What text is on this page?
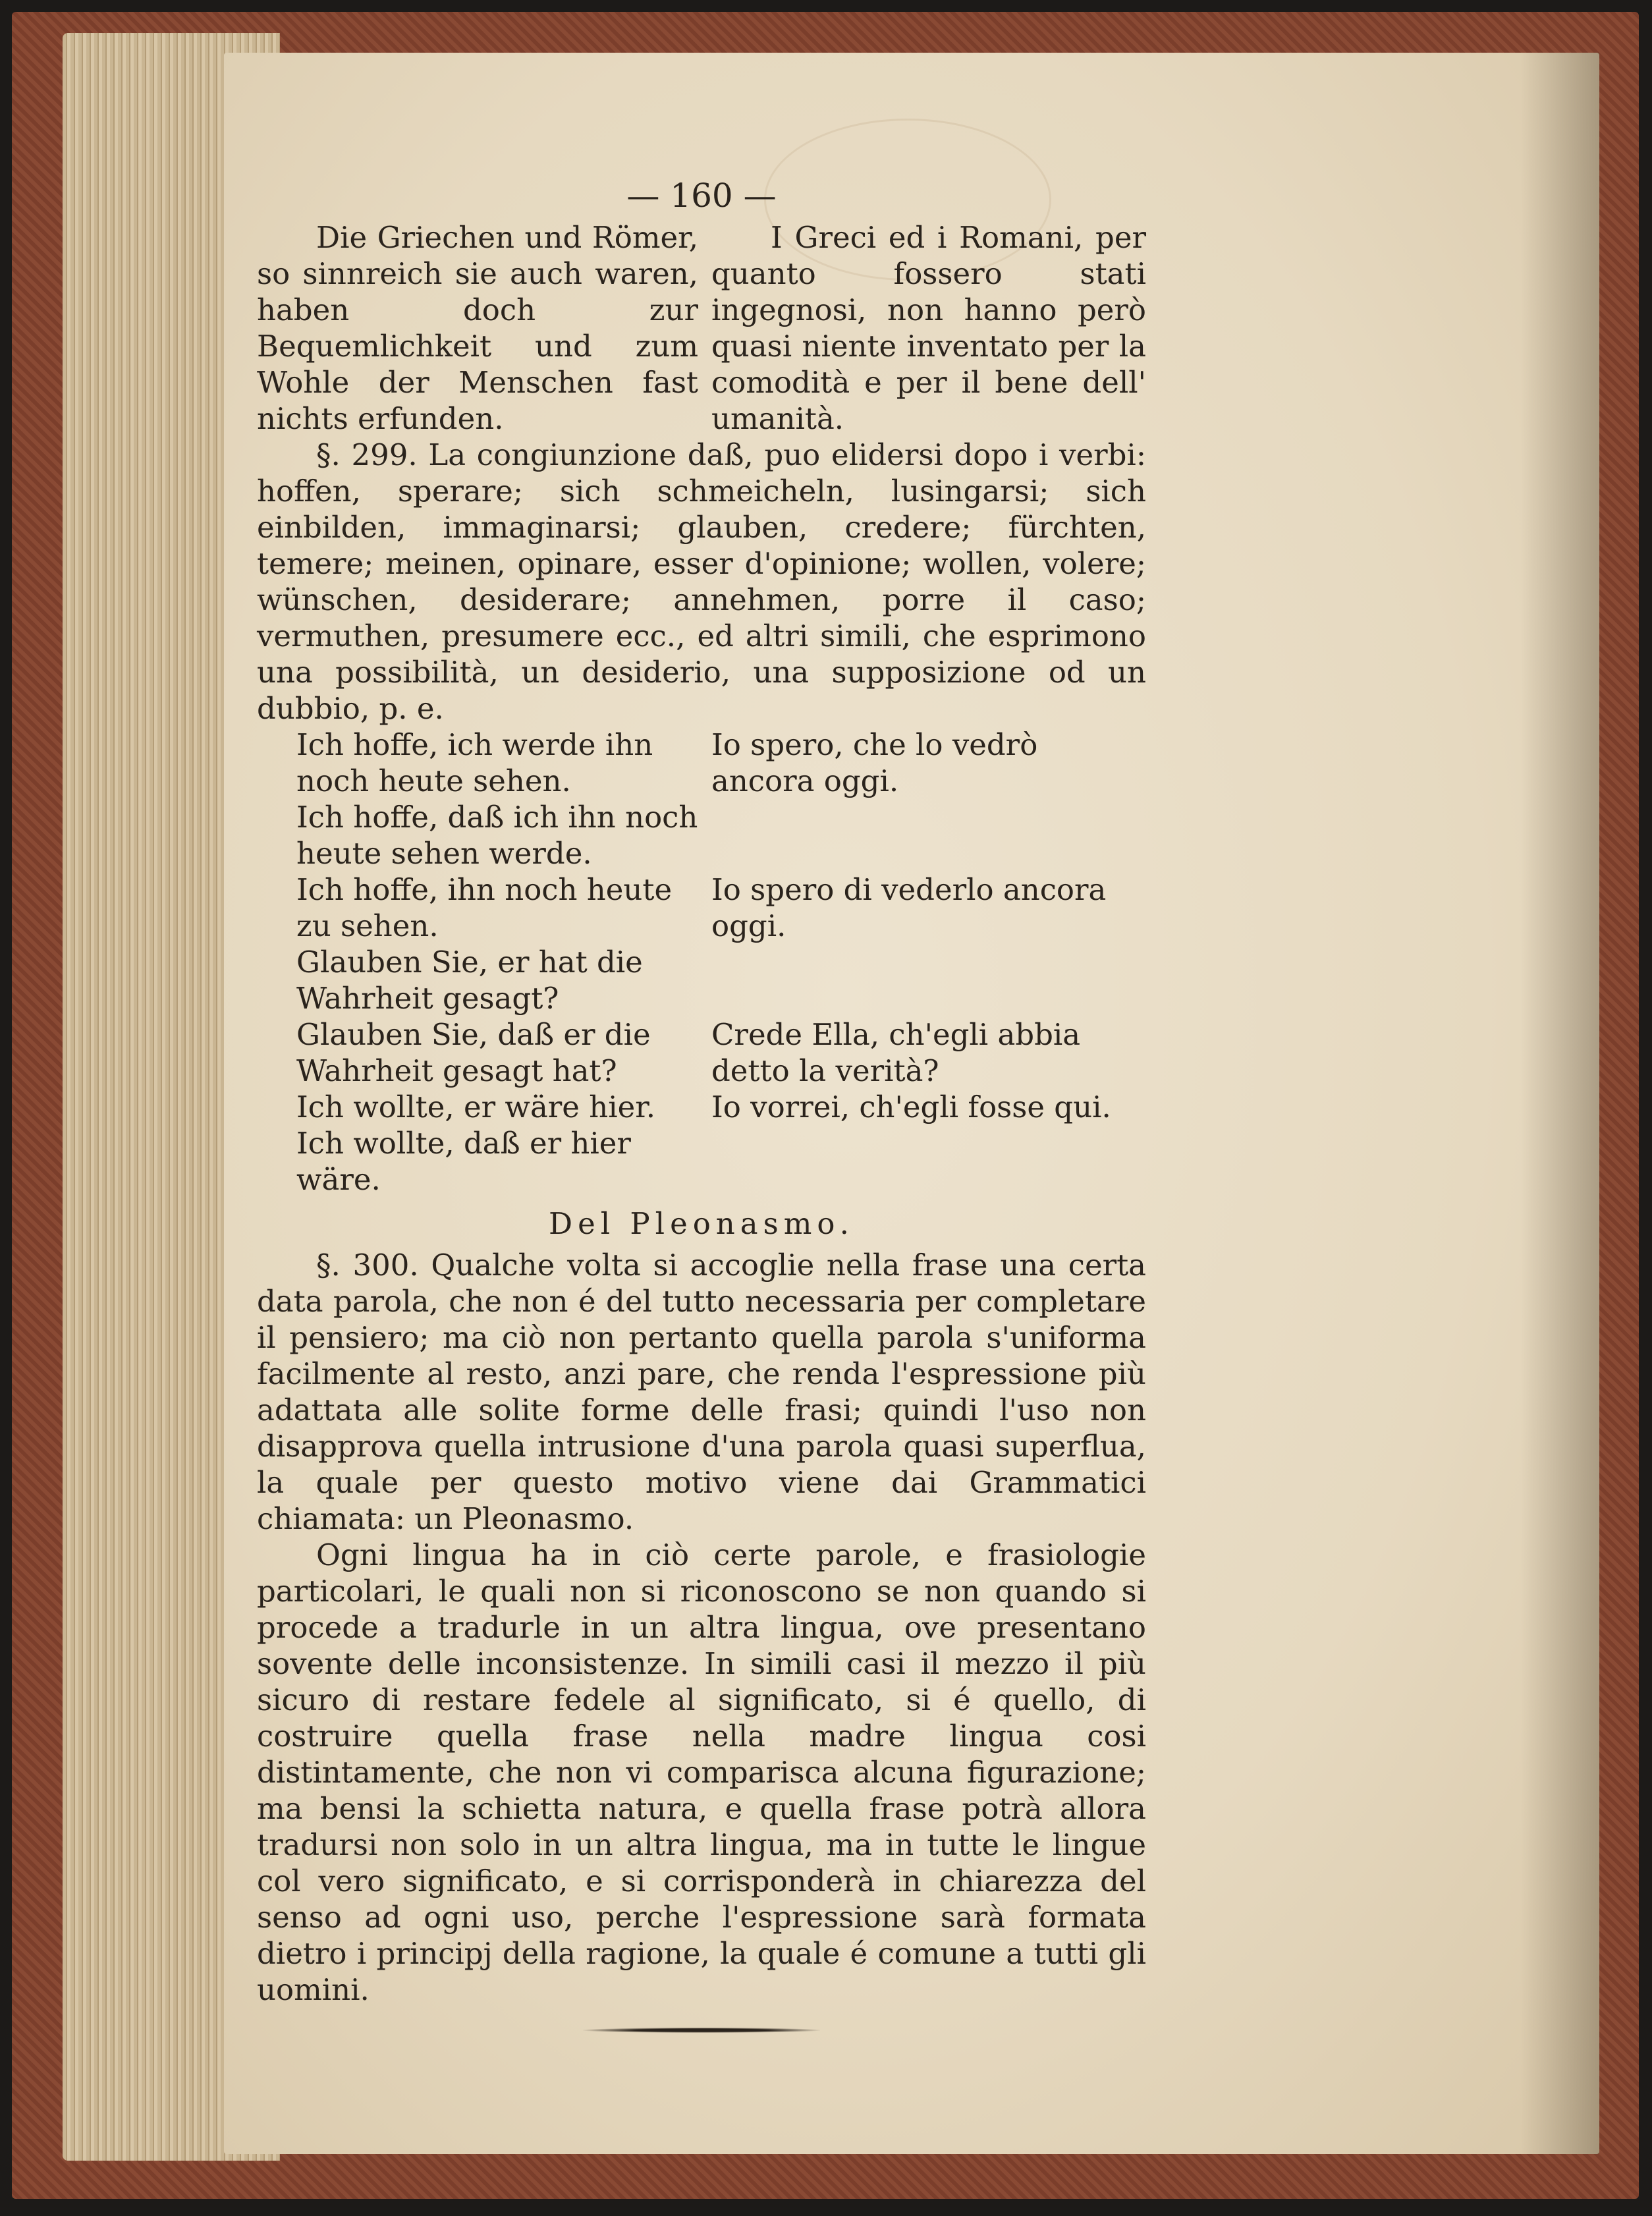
— 160 —

Die Griechen und Römer, so sinnreich sie auch waren, haben doch zur Bequemlichkeit und zum Wohle der Menschen fast nichts erfunden.

I Greci ed i Romani, per quanto fossero stati ingegnosi, non hanno però quasi niente inventato per la comodità e per il bene dell' umanità.

§. 299. La congiunzione daß, puo elidersi dopo i verbi: hoffen, sperare; sich schmeicheln, lusingarsi; sich einbilden, immaginarsi; glauben, credere; fürchten, temere; meinen, opinare, esser d'opinione; wollen, volere; wünschen, desiderare; annehmen, porre il caso; vermuthen, presumere ecc., ed altri simili, che esprimono una possibilità, un desiderio, una supposizione od un dubbio, p. e.

Ich hoffe, ich werde ihn noch heute sehen.
Io spero, che lo vedrò ancora oggi.
Ich hoffe, daß ich ihn noch heute sehen werde.
Ich hoffe, ihn noch heute zu sehen.
Io spero di vederlo ancora oggi.
Glauben Sie, er hat die Wahrheit gesagt?
Glauben Sie, daß er die Wahrheit gesagt hat?
Crede Ella, ch'egli abbia detto la verità?
Ich wollte, er wäre hier.	Io vorrei, ch'egli fosse qui.
Ich wollte, daß er hier wäre.
Del Pleonasmo.

§. 300. Qualche volta si accoglie nella frase una certa data parola, che non é del tutto necessaria per completare il pensiero; ma ciò non pertanto quella parola s'uniforma facilmente al resto, anzi pare, che renda l'espressione più adattata alle solite forme delle frasi; quindi l'uso non disapprova quella intrusione d'una parola quasi superflua, la quale per questo motivo viene dai Grammatici chiamata: un Pleonasmo.

Ogni lingua ha in ciò certe parole, e frasiologie particolari, le quali non si riconoscono se non quando si procede a tradurle in un altra lingua, ove presentano sovente delle inconsistenze. In simili casi il mezzo il più sicuro di restare fedele al significato, si é quello, di costruire quella frase nella madre lingua cosi distintamente, che non vi comparisca alcuna figurazione; ma bensi la schietta natura, e quella frase potrà allora tradursi non solo in un altra lingua, ma in tutte le lingue col vero significato, e si corrisponderà in chiarezza del senso ad ogni uso, perche l'espressione sarà formata dietro i principj della ragione, la quale é comune a tutti gli uomini.
